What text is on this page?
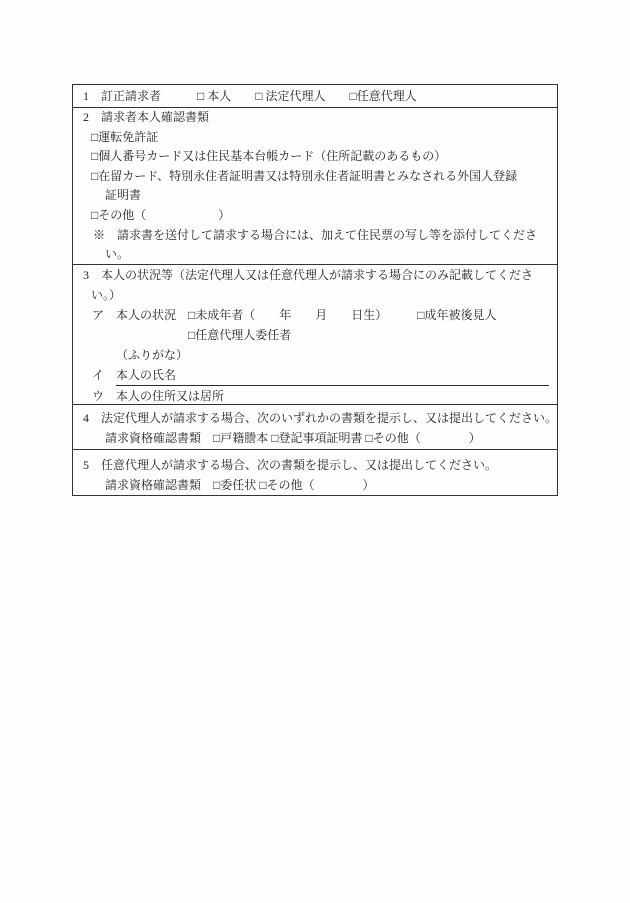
1　訂正請求者　　　□ 本人　　□ 法定代理人　　□任意代理人
2　請求者本人確認書類
□運転免許証
□個人番号カード又は住民基本台帳カード（住所記載のあるもの）
□在留カード、特別永住者証明書又は特別永住者証明書とみなされる外国人登録
証明書
□その他（　　　　　　）
※　請求書を送付して請求する場合には、加えて住民票の写し等を添付してくださ
い。
3　本人の状況等（法定代理人又は任意代理人が請求する場合にのみ記載してくださ
い。）
ア　本人の状況　□未成年者（　　年　　月　　日生）　　　□成年被後見人
□任意代理人委任者
（ふりがな）
イ 本人の氏名
ウ 本人の住所又は居所
4　法定代理人が請求する場合、次のいずれかの書類を提示し、又は提出してください。
請求資格確認書類　□戸籍謄本 □登記事項証明書 □その他（　　　　）
5　任意代理人が請求する場合、次の書類を提示し、又は提出してください。
請求資格確認書類　□委任状 □その他（　　　　）
